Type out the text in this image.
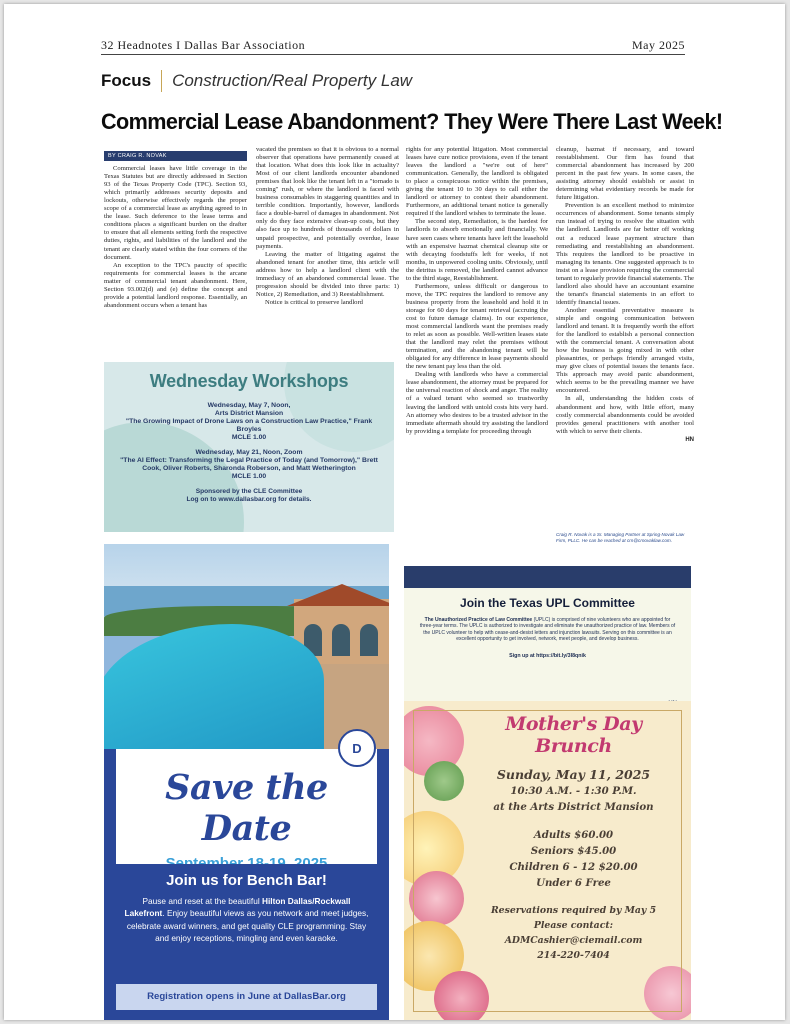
32 Headnotes I Dallas Bar Association	May 2025
Focus	Construction/Real Property Law
Commercial Lease Abandonment? They Were There Last Week!
BY CRAIG R. NOVAK

Commercial leases have little coverage in the Texas Statutes but are directly addressed in Section 93 of the Texas Property Code (TPC). Section 93, which primarily addresses security deposits and lockouts, otherwise effectively regards the proper scope of a commercial lease as anything agreed to in the lease. Such deference to the lease terms and conditions places a significant burden on the drafter to ensure that all elements setting forth the respective duties, rights, and liabilities of the landlord and the tenant are clearly stated within the four corners of the document.

An exception to the TPC's paucity of specific requirements for commercial leases is the arcane matter of commercial tenant abandonment. Here, Section 93.002(d) and (e) define the concept and provide a potential landlord response. Essentially, an abandonment occurs when a tenant has

vacated the premises so that it is obvious to a normal observer that operations have permanently ceased at that location. What does this look like in actuality? Most of our client landlords encounter abandoned premises that look like the tenant left in a "tornado is coming" rush, or where the landlord is faced with business consumables in staggering quantities and in terrible condition. Importantly, however, landlords face a double-barrel of damages in abandonment. Not only do they face extensive clean-up costs, but they also face up to hundreds of thousands of dollars in unpaid prospective, and potentially overdue, lease payments.

Leaving the matter of litigating against the abandoned tenant for another time, this article will address how to help a landlord client with the immediacy of an abandoned commercial lease. The progression should be divided into three parts: 1) Notice, 2) Remediation, and 3) Reestablishment.

Notice is critical to preserve landlord

rights for any potential litigation. Most commercial leases have cure notice provisions, even if the tenant leaves the landlord a "we're out of here" communication. Generally, the landlord is obligated to place a conspicuous notice within the premises, giving the tenant 10 to 30 days to call either the landlord or attorney to contest their abandonment. Furthermore, an additional tenant notice is generally required if the landlord wishes to terminate the lease.

The second step, Remediation, is the hardest for landlords to absorb emotionally and financially. We have seen cases where tenants have left the leasehold with an expensive hazmat chemical cleanup site or with decaying foodstuffs left for weeks, if not months, in unpowered cooling units. Obviously, until the detritus is removed, the landlord cannot advance to the third stage, Reestablishment.

Furthermore, unless difficult or dangerous to move, the TPC requires the landlord to remove any business property from the leasehold and hold it in storage for 60 days for tenant retrieval (accruing the cost to future damage claims). In our experience, most commercial landlords want the premises ready to relet as soon as possible. Well-written leases state that the landlord may relet the premises without termination, and the abandoning tenant will be obligated for any difference in lease payments should the new tenant pay less than the old.

Dealing with landlords who have a commercial lease abandonment, the attorney must be prepared for the universal reaction of shock and anger. The reality of a valued tenant who seemed so trustworthy leaving the landlord with untold costs hits very hard. An attorney who desires to be a trusted advisor in the immediate aftermath should try assisting the landlord by providing a template for proceeding through

cleanup, hazmat if necessary, and toward reestablishment. Our firm has found that commercial abandonment has increased by 200 percent in the past few years. In some cases, the assisting attorney should establish or assist in determining what evidentiary records be made for future litigation.

Prevention is an excellent method to minimize occurrences of abandonment. Some tenants simply run instead of trying to resolve the situation with the landlord. Landlords are far better off working out a reduced lease payment structure than remediating and reestablishing an abandonment. This requires the landlord to be proactive in managing its tenants. One suggested approach is to insist on a lease provision requiring the commercial tenant to regularly provide financial statements. The landlord also should have an accountant examine the tenant's financial statements in an effort to identify financial issues.

Another essential preventative measure is simple and ongoing communication between landlord and tenant. It is frequently worth the effort for the landlord to establish a personal connection with the commercial tenant. A conversation about how the business is going mixed in with other pleasantries, or perhaps friendly arranged visits, may give clues of potential issues the tenants face. This approach may avoid panic abandonment, which seems to be the prevailing manner we have encountered.

In all, understanding the hidden costs of abandonment and how, with little effort, many costly commercial abandonments could be avoided provides general practitioners with another tool with which to serve their clients.

HN
Craig R. Novak is a Sr. Managing Partner at Spring-Novak Law Firm, PLLC. He can be reached at crn@crnovaklaw.com.
Wednesday Workshops
Wednesday, May 7, Noon,
Arts District Mansion
"The Growing Impact of Drone Laws on a Construction Law Practice," Frank Broyles
MCLE 1.00
Wednesday, May 21, Noon, Zoom
"The AI Effect: Transforming the Legal Practice of Today (and Tomorrow)," Brett Cook, Oliver Roberts, Sharonda Roberson, and Matt Wetherington
MCLE 1.00
Sponsored by the CLE Committee
Log on to www.dallasbar.org for details.
D
Save the Date
Join us for Bench Bar!
Pause and reset at the beautiful Hilton Dallas/Rockwall Lakefront. Enjoy beautiful views as you network and meet judges, celebrate award winners, and get quality CLE programming. Stay and enjoy receptions, mingling and even karaoke.
Registration opens in June at DallasBar.org
Join the Texas UPL Committee
The Unauthorized Practice of Law Committee (UPLC) is comprised of nine volunteers who are appointed for three-year terms. The UPLC is authorized to investigate and eliminate the unauthorized practice of law. Members of the UPLC volunteer to help with cease-and-desist letters and injunction lawsuits. Serving on this committee is an excellent opportunity to get involved, network, meet people, and develop business.
Sign up at https://bit.ly/3I8qnik
Mother's Day Brunch
Sunday, May 11, 2025
10:30 A.M. - 1:30 P.M.
at the Arts District Mansion
Adults $60.00
Seniors $45.00
Children 6 - 12 $20.00
Under 6 Free
Reservations required by May 5
Please contact:
ADMCashier@ciemail.com
214-220-7404
